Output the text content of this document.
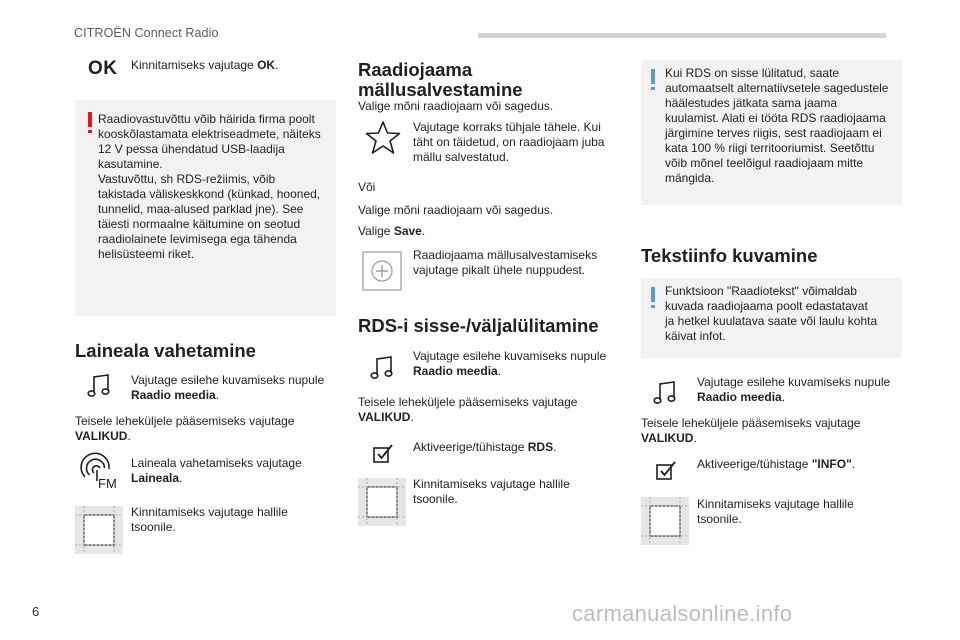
CITROËN Connect Radio
6	carmanualsonline.info
OK Kinnitamiseks vajutage OK.
Raadiovastuvõttu võib häirida firma poolt
kooskõlastamata elektriseadmete, näiteks
12 V pessa ühendatud USB-laadija
kasutamine.
Vastuvõttu, sh RDS-režiimis, võib
takistada väliskeskkond (künkad, hooned,
tunnelid, maa-alused parklad jne). See
täiesti normaalne käitumine on seotud
raadiolainete levimisega ega tähenda
helisüsteemi riket.
Laineala vahetamine
Vajutage esilehe kuvamiseks nupule
Raadio meedia.
Teisele leheküljele pääsemiseks vajutage
VALIKUD.
FM
Laineala vahetamiseks vajutage
Laineala.
Kinnitamiseks vajutage hallile
tsoonile.
Raadiojaama
mällusalvestamine
Valige mõni raadiojaam või sagedus.
Vajutage korraks tühjale tähele. Kui
täht on täidetud, on raadiojaam juba
mällu salvestatud.
Või
Valige mõni raadiojaam või sagedus.
Valige Save.
Raadiojaama mällusalvestamiseks
vajutage pikalt ühele nuppudest.
RDS-i sisse-/väljalülitamine
Vajutage esilehe kuvamiseks nupule
Raadio meedia.
Teisele leheküljele pääsemiseks vajutage
VALIKUD.
Aktiveerige/tühistage RDS.
Kinnitamiseks vajutage hallile
tsoonile.
Kui RDS on sisse lülitatud, saate
automaatselt alternatiivsetele sagedustele
häälestudes jätkata sama jaama
kuulamist. Alati ei tööta RDS raadiojaama
järgimine terves riigis, sest raadiojaam ei
kata 100 % riigi territooriumist. Seetõttu
võib mõnel teelõigul raadiojaam mitte
mängida.
Tekstiinfo kuvamine
Funktsioon "Raadiotekst" võimaldab
kuvada raadiojaama poolt edastatavat
ja hetkel kuulatava saate või laulu kohta
käivat infot.
Vajutage esilehe kuvamiseks nupule
Raadio meedia.
Teisele leheküljele pääsemiseks vajutage
VALIKUD.
Aktiveerige/tühistage "INFO".
Kinnitamiseks vajutage hallile
tsoonile.
